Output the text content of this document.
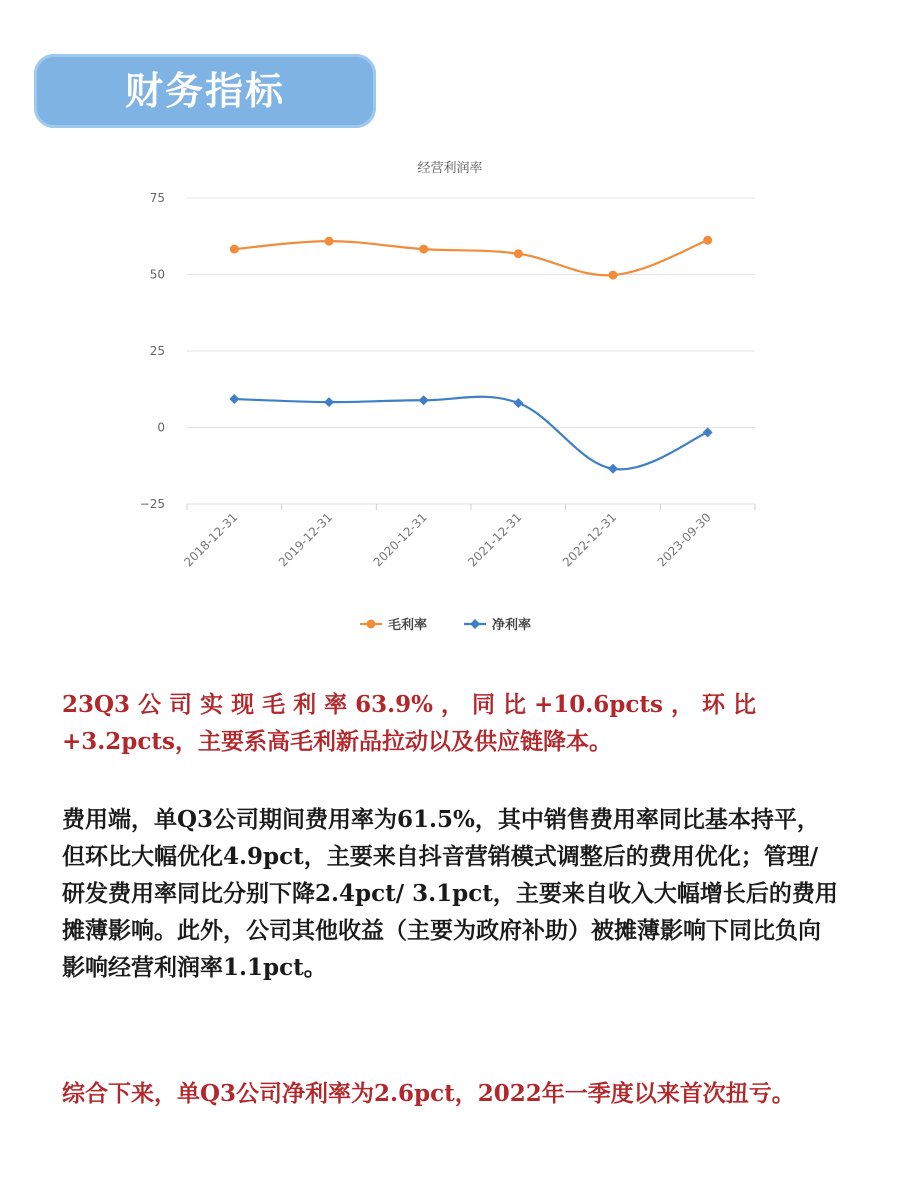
财务指标
经营利润率
75
50
25
0
−25
2018-12-31	2019-12-31	2020-12-31	2021-12-31	2022-12-31	2023-09-30
毛利率	净利率

23Q3 公 司 实 现 毛 利 率 63.9% ， 同 比 +10.6pcts ， 环 比 +3.2pcts，主要系高毛利新品拉动以及供应链降本。

费用端，单Q3公司期间费用率为61.5%，其中销售费用率同比基本持平，但环比大幅优化4.9pct，主要来自抖音营销模式调整后的费用优化；管理/ 研发费用率同比分别下降2.4pct/ 3.1pct，主要来自收入大幅增长后的费用摊薄影响。此外，公司其他收益（主要为政府补助）被摊薄影响下同比负向影响经营利润率1.1pct。

综合下来，单Q3公司净利率为2.6pct，2022年一季度以来首次扭亏。
